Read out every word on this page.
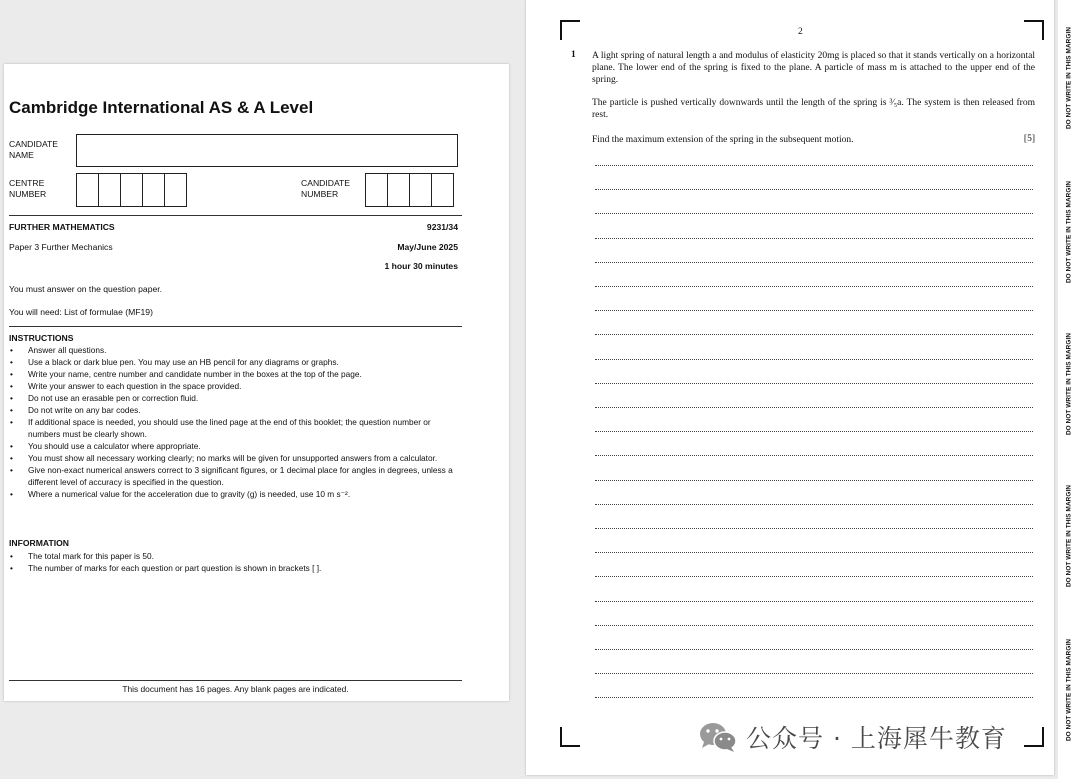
Cambridge International AS & A Level
CANDIDATE
NAME
CENTRE
NUMBER
CANDIDATE
NUMBER
FURTHER MATHEMATICS	9231/34
Paper 3 Further Mechanics	May/June 2025
1 hour 30 minutes
You must answer on the question paper.
You will need: List of formulae (MF19)
INSTRUCTIONS
• Answer all questions.
• Use a black or dark blue pen. You may use an HB pencil for any diagrams or graphs.
• Write your name, centre number and candidate number in the boxes at the top of the page.
• Write your answer to each question in the space provided.
• Do not use an erasable pen or correction fluid.
• Do not write on any bar codes.
• If additional space is needed, you should use the lined page at the end of this booklet; the question number or numbers must be clearly shown.
• You should use a calculator where appropriate.
• You must show all necessary working clearly; no marks will be given for unsupported answers from a calculator.
• Give non-exact numerical answers correct to 3 significant figures, or 1 decimal place for angles in degrees, unless a different level of accuracy is specified in the question.
• Where a numerical value for the acceleration due to gravity (g) is needed, use 10 m s⁻².
INFORMATION
• The total mark for this paper is 50.
• The number of marks for each question or part question is shown in brackets [ ].
This document has 16 pages. Any blank pages are indicated.
2
1 A light spring of natural length a and modulus of elasticity 20mg is placed so that it stands vertically on a horizontal plane. The lower end of the spring is fixed to the plane. A particle of mass m is attached to the upper end of the spring.

The particle is pushed vertically downwards until the length of the spring is ³⁄₅a. The system is then released from rest.

Find the maximum extension of the spring in the subsequent motion.	[5]
DO NOT WRITE IN THIS MARGIN
DO NOT WRITE IN THIS MARGIN
DO NOT WRITE IN THIS MARGIN
DO NOT WRITE IN THIS MARGIN
DO NOT WRITE IN THIS MARGIN
公众号 · 上海犀牛教育
